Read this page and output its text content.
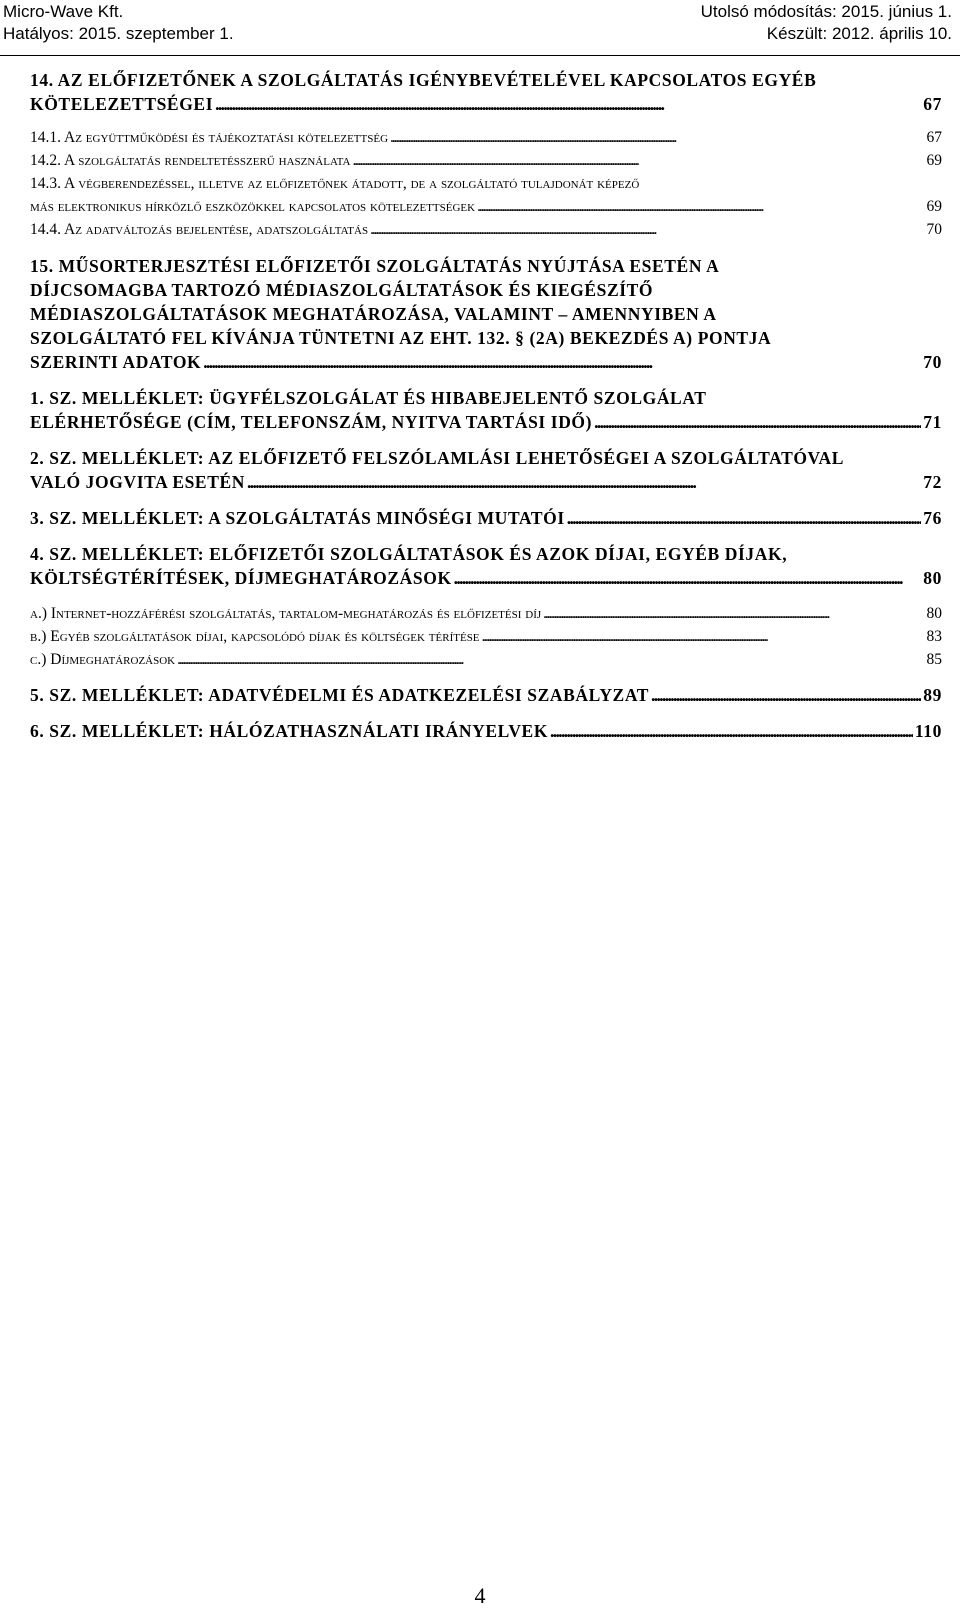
Micro-Wave Kft.	Utolsó módosítás: 2015. június 1.
Hatályos: 2015. szeptember 1.	Készült: 2012. április 10.
14. AZ ELŐFIZETŐNEK A SZOLGÁLTATÁS IGÉNYBEVÉTELÉVEL KAPCSOLATOS EGYÉB
KÖTELEZETTSÉGEI . . .	67
14.1. Az együttműködési és tájékoztatási kötelezettség . . .	67
14.2. A szolgáltatás rendeltetésszerű használata . . .	69
14.3. A végberendezéssel, illetve az előfizetőnek átadott, de a szolgáltató tulajdonát képező
más elektronikus hírközlő eszközökkel kapcsolatos kötelezettségek . . .	69
14.4. Az adatváltozás bejelentése, adatszolgáltatás . . .	70
15. MŰSORTERJESZTÉSI ELŐFIZETŐI SZOLGÁLTATÁS NYÚJTÁSA ESETÉN A
DÍJCSOMAGBA TARTOZÓ MÉDIASZOLGÁLTATÁSOK ÉS KIEGÉSZÍTŐ
MÉDIASZOLGÁLTATÁSOK MEGHATÁROZÁSA, VALAMINT – AMENNYIBEN A
SZOLGÁLTATÓ FEL KÍVÁNJA TÜNTETNI AZ EHT. 132. § (2A) BEKEZDÉS A) PONTJA
SZERINTI ADATOK . . .	70
1. SZ. MELLÉKLET: ÜGYFÉLSZOLGÁLAT ÉS HIBABEJELENTŐ SZOLGÁLAT
ELÉRHETŐSÉGE (CÍM, TELEFONSZÁM, NYITVA TARTÁSI IDŐ) . . .	71
2. SZ. MELLÉKLET: AZ ELŐFIZETŐ FELSZÓLAMLÁSI LEHETŐSÉGEI A SZOLGÁLTATÓVAL
VALÓ JOGVITA ESETÉN . . .	72
3. SZ. MELLÉKLET: A SZOLGÁLTATÁS MINŐSÉGI MUTATÓI . . .	76
4. SZ. MELLÉKLET: ELŐFIZETŐI SZOLGÁLTATÁSOK ÉS AZOK DÍJAI, EGYÉB DÍJAK,
KÖLTSÉGTÉRÍTÉSEK, DÍJMEGHATÁROZÁSOK . . .	80
a.) Internet-hozzáférési szolgáltatás, tartalom-meghatározás és előfizetési díj . . .	80
b.) Egyéb szolgáltatások díjai, kapcsolódó díjak és költségek térítése . . .	83
c.) Díjmeghatározások . . .	85
5. SZ. MELLÉKLET: ADATVÉDELMI ÉS ADATKEZELÉSI SZABÁLYZAT . . .	89
6. SZ. MELLÉKLET: HÁLÓZATHASZNÁLATI IRÁNYELVEK . . .	110
4
